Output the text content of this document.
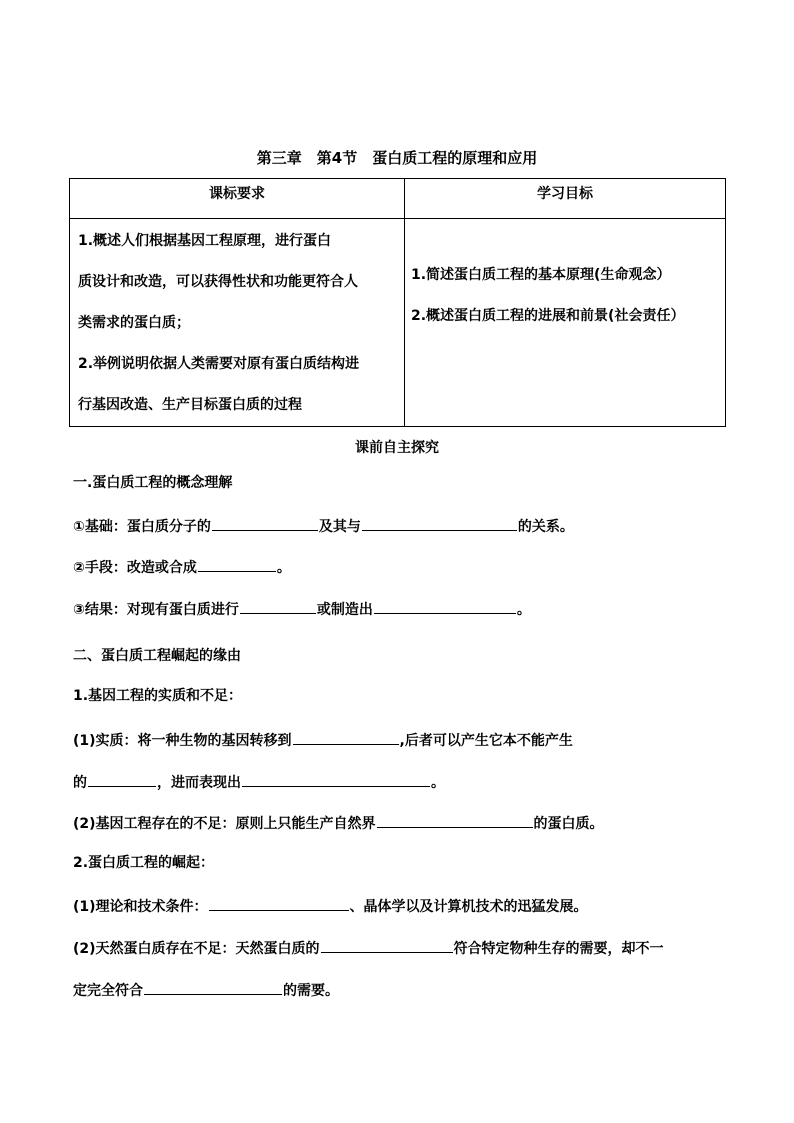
第三章　第4节　蛋白质工程的原理和应用
课标要求	学习目标

1.概述人们根据基因工程原理，进行蛋白
质设计和改造，可以获得性状和功能更符合人
类需求的蛋白质；
2.举例说明依据人类需要对原有蛋白质结构进
行基因改造、生产目标蛋白质的过程	1.简述蛋白质工程的基本原理(生命观念）
2.概述蛋白质工程的进展和前景(社会责任）
课前自主探究
一.蛋白质工程的概念理解
①基础：蛋白质分子的	及其与	的关系。
②手段：改造或合成	。
③结果：对现有蛋白质进行	或制造出	。
二、蛋白质工程崛起的缘由
1.基因工程的实质和不足：
(1)实质：将一种生物的基因转移到	,后者可以产生它本不能产生
的	，进而表现出	。
(2)基因工程存在的不足：原则上只能生产自然界	的蛋白质。
2.蛋白质工程的崛起：
(1)理论和技术条件：	、晶体学以及计算机技术的迅猛发展。
(2)天然蛋白质存在不足：天然蛋白质的	符合特定物种生存的需要，却不一
定完全符合	的需要。
